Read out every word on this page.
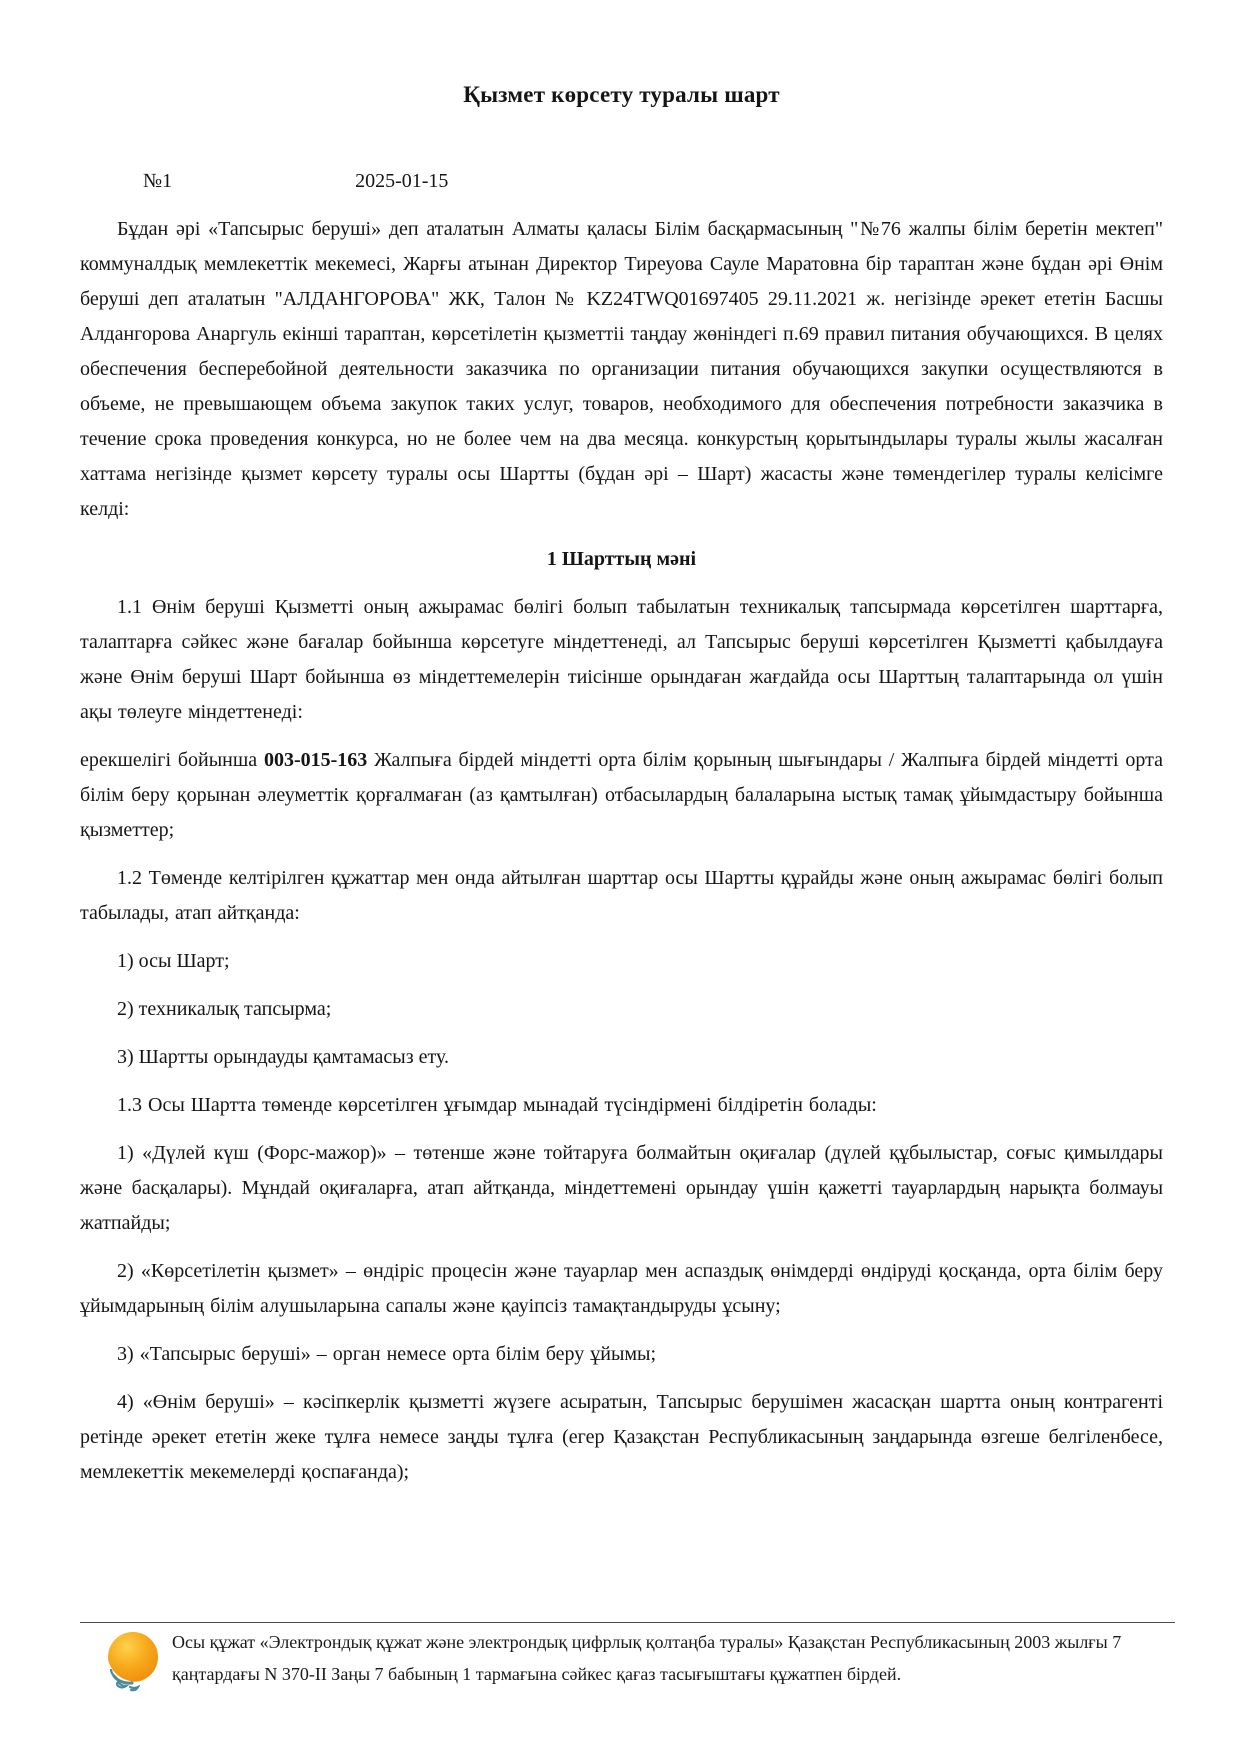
Қызмет көрсету туралы шарт
№1	2025-01-15

Бұдан әрі «Тапсырыс беруші» деп аталатын Алматы қаласы Білім басқармасының "№76 жалпы білім беретін мектеп" коммуналдық мемлекеттік мекемесі, Жарғы атынан Директор Тиреуова Сауле Маратовна бір тараптан және бұдан әрі Өнім беруші деп аталатын "АЛДАНГОРОВА" ЖК, Талон № KZ24TWQ01697405 29.11.2021 ж. негізінде әрекет ететін Басшы Алдангорова Анаргуль екінші тараптан, көрсетілетін қызметтіі таңдау жөніндегі п.69 правил питания обучающихся. В целях обеспечения бесперебойной деятельности заказчика по организации питания обучающихся закупки осуществляются в объеме, не превышающем объема закупок таких услуг, товаров, необходимого для обеспечения потребности заказчика в течение срока проведения конкурса, но не более чем на два месяца. конкурстың қорытындылары туралы жылы жасалған хаттама негізінде қызмет көрсету туралы осы Шартты (бұдан әрі – Шарт) жасасты және төмендегілер туралы келісімге келді:

1 Шарттың мәні

1.1 Өнім беруші Қызметті оның ажырамас бөлігі болып табылатын техникалық тапсырмада көрсетілген шарттарға, талаптарға сәйкес және бағалар бойынша көрсетуге міндеттенеді, ал Тапсырыс беруші көрсетілген Қызметті қабылдауға және Өнім беруші Шарт бойынша өз міндеттемелерін тиісінше орындаған жағдайда осы Шарттың талаптарында ол үшін ақы төлеуге міндеттенеді:

ерекшелігі бойынша 003-015-163 Жалпыға бірдей міндетті орта білім қорының шығындары / Жалпыға бірдей міндетті орта білім беру қорынан әлеуметтік қорғалмаған (аз қамтылған) отбасылардың балаларына ыстық тамақ ұйымдастыру бойынша қызметтер;

1.2 Төменде келтірілген құжаттар мен онда айтылған шарттар осы Шартты құрайды және оның ажырамас бөлігі болып табылады, атап айтқанда:

1) осы Шарт;

2) техникалық тапсырма;

3) Шартты орындауды қамтамасыз ету.

1.3 Осы Шартта төменде көрсетілген ұғымдар мынадай түсіндірмені білдіретін болады:

1) «Дүлей күш (Форс-мажор)» – төтенше және тойтаруға болмайтын оқиғалар (дүлей құбылыстар, соғыс қимылдары және басқалары). Мұндай оқиғаларға, атап айтқанда, міндеттемені орындау үшін қажетті тауарлардың нарықта болмауы жатпайды;

2) «Көрсетілетін қызмет» – өндіріс процесін және тауарлар мен аспаздық өнімдерді өндіруді қосқанда, орта білім беру ұйымдарының білім алушыларына сапалы және қауіпсіз тамақтандыруды ұсыну;

3) «Тапсырыс беруші» – орган немесе орта білім беру ұйымы;

4) «Өнім беруші» – кәсіпкерлік қызметті жүзеге асыратын, Тапсырыс берушімен жасасқан шартта оның контрагенті ретінде әрекет ететін жеке тұлға немесе заңды тұлға (егер Қазақстан Республикасының заңдарында өзгеше белгіленбесе, мемлекеттік мекемелерді қоспағанда);

Осы құжат «Электрондық құжат және электрондық цифрлық қолтаңба туралы» Қазақстан Республикасының 2003 жылғы 7 қаңтардағы N 370-II Заңы 7 бабының 1 тармағына сәйкес қағаз тасығыштағы құжатпен бірдей.
